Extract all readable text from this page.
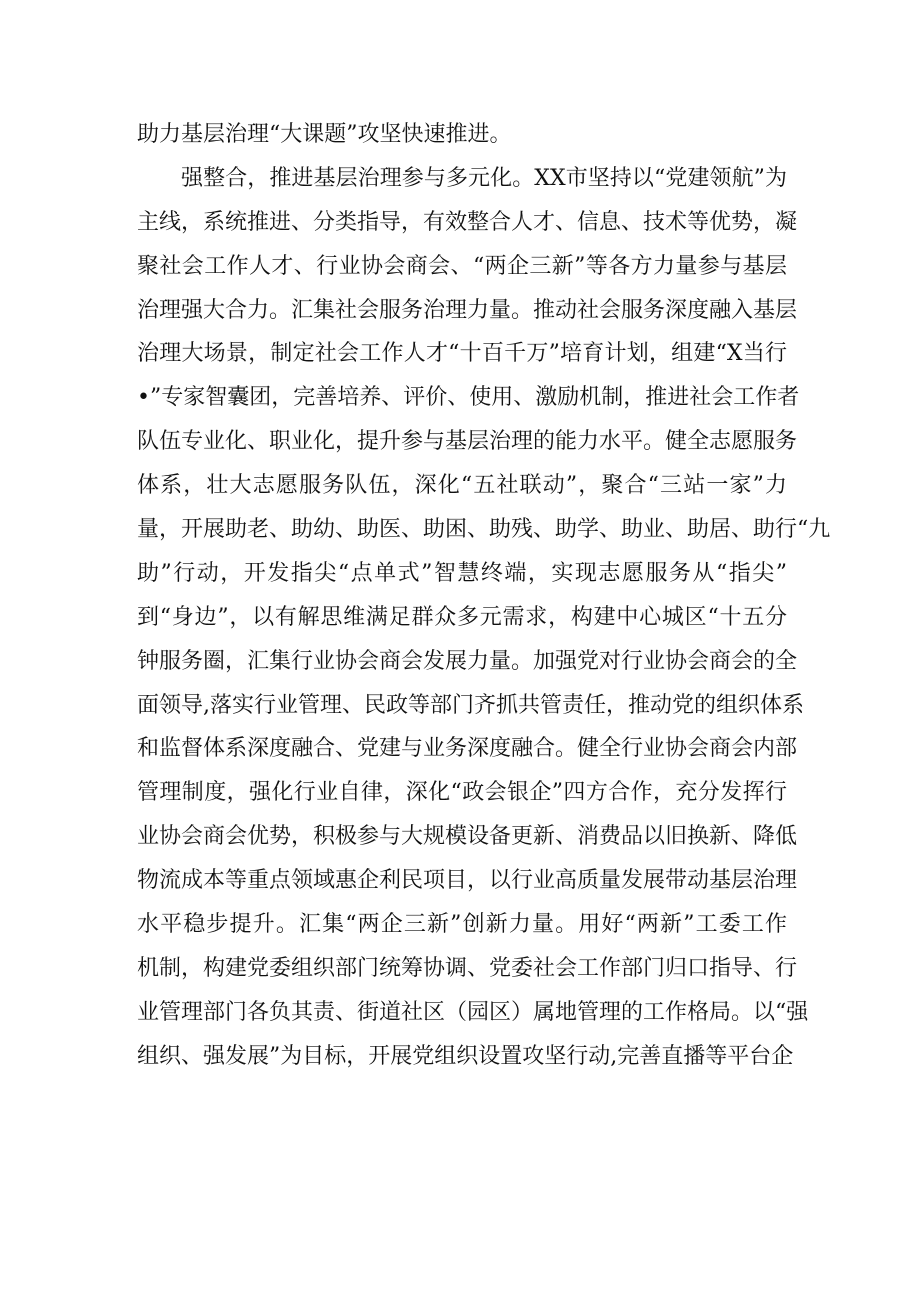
助力基层治理“大课题”攻坚快速推进。
强整合，推进基层治理参与多元化。XX市坚持以“党建领航”为
主线，系统推进、分类指导，有效整合人才、信息、技术等优势，凝
聚社会工作人才、行业协会商会、“两企三新”等各方力量参与基层
治理强大合力。汇集社会服务治理力量。推动社会服务深度融入基层
治理大场景，制定社会工作人才“十百千万”培育计划，组建“X当行
•”专家智囊团，完善培养、评价、使用、激励机制，推进社会工作者
队伍专业化、职业化，提升参与基层治理的能力水平。健全志愿服务
体系，壮大志愿服务队伍，深化“五社联动”，聚合“三站一家”力
量，开展助老、助幼、助医、助困、助残、助学、助业、助居、助行“九
助”行动，开发指尖“点单式”智慧终端，实现志愿服务从“指尖”
到“身边”，以有解思维满足群众多元需求，构建中心城区“十五分
钟服务圈，汇集行业协会商会发展力量。加强党对行业协会商会的全
面领导,落实行业管理、民政等部门齐抓共管责任，推动党的组织体系
和监督体系深度融合、党建与业务深度融合。健全行业协会商会内部
管理制度，强化行业自律，深化“政会银企”四方合作，充分发挥行
业协会商会优势，积极参与大规模设备更新、消费品以旧换新、降低
物流成本等重点领域惠企利民项目，以行业高质量发展带动基层治理
水平稳步提升。汇集“两企三新”创新力量。用好“两新”工委工作
机制，构建党委组织部门统筹协调、党委社会工作部门归口指导、行
业管理部门各负其责、街道社区（园区）属地管理的工作格局。以“强
组织、强发展”为目标，开展党组织设置攻坚行动,完善直播等平台企
